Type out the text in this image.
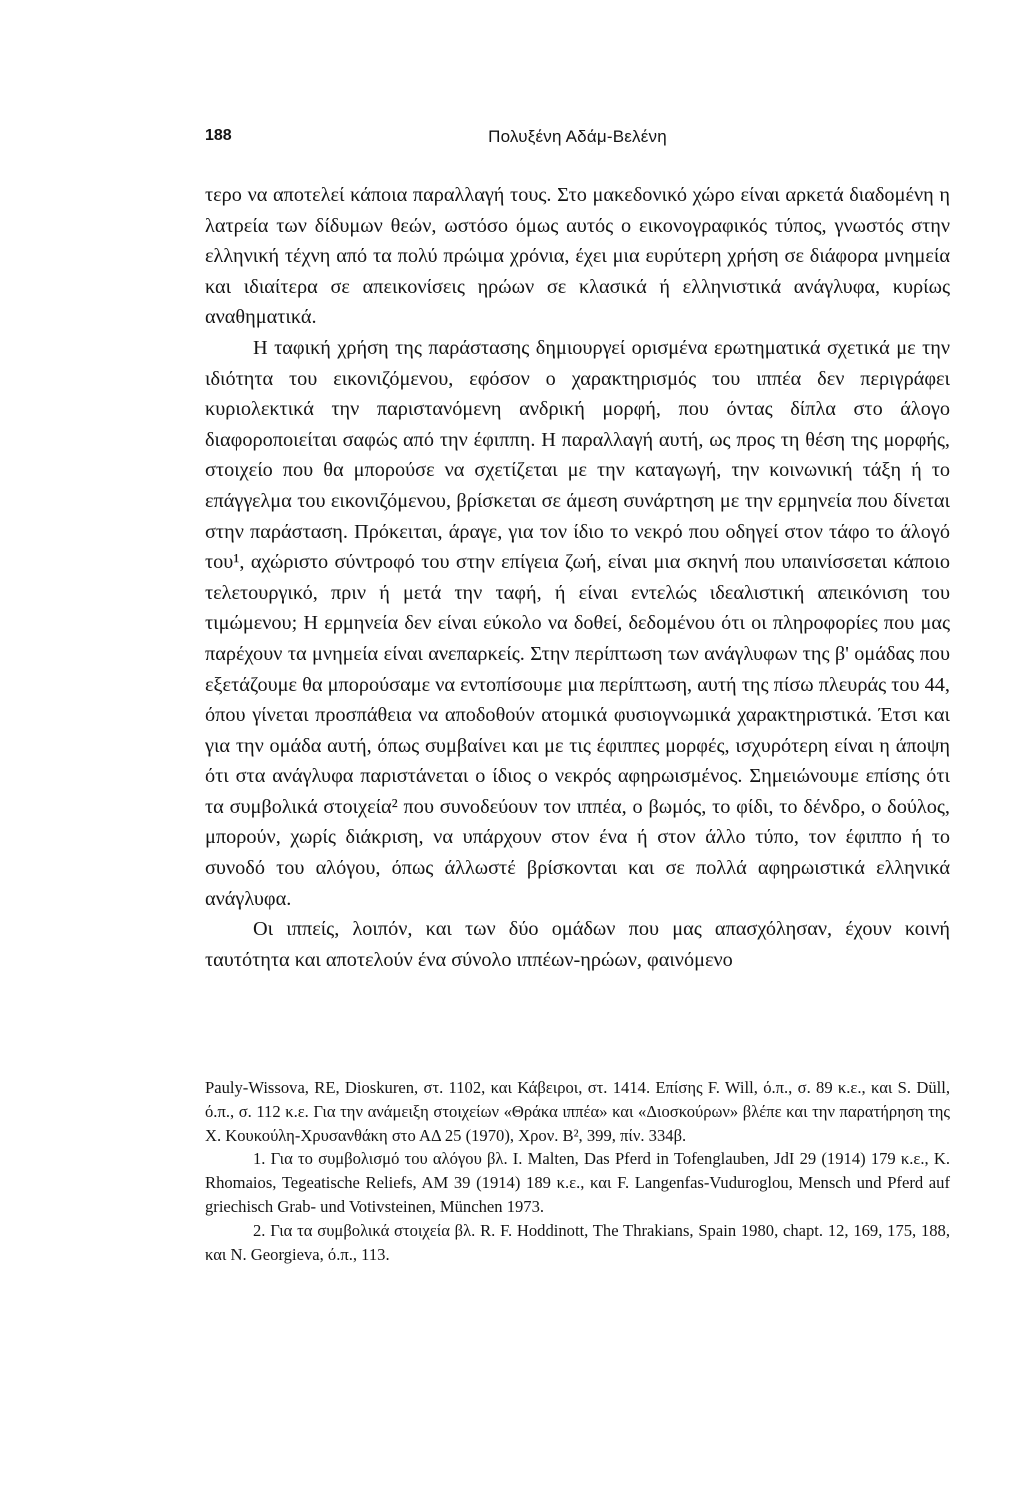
188	Πολυξένη Αδάμ-Βελένη

τερο να αποτελεί κάποια παραλλαγή τους. Στο μακεδονικό χώρο είναι αρκετά διαδομένη η λατρεία των δίδυμων θεών, ωστόσο όμως αυτός ο εικονογραφικός τύπος, γνωστός στην ελληνική τέχνη από τα πολύ πρώιμα χρόνια, έχει μια ευρύτερη χρήση σε διάφορα μνημεία και ιδιαίτερα σε απεικονίσεις ηρώων σε κλασικά ή ελληνιστικά ανάγλυφα, κυρίως αναθηματικά.

Η ταφική χρήση της παράστασης δημιουργεί ορισμένα ερωτηματικά σχετικά με την ιδιότητα του εικονιζόμενου, εφόσον ο χαρακτηρισμός του ιππέα δεν περιγράφει κυριολεκτικά την παριστανόμενη ανδρική μορφή, που όντας δίπλα στο άλογο διαφοροποιείται σαφώς από την έφιππη. Η παραλλαγή αυτή, ως προς τη θέση της μορφής, στοιχείο που θα μπορούσε να σχετίζεται με την καταγωγή, την κοινωνική τάξη ή το επάγγελμα του εικονιζόμενου, βρίσκεται σε άμεση συνάρτηση με την ερμηνεία που δίνεται στην παράσταση. Πρόκειται, άραγε, για τον ίδιο το νεκρό που οδηγεί στον τάφο το άλογό του¹, αχώριστο σύντροφό του στην επίγεια ζωή, είναι μια σκηνή που υπαινίσσεται κάποιο τελετουργικό, πριν ή μετά την ταφή, ή είναι εντελώς ιδεαλιστική απεικόνιση του τιμώμενου; Η ερμηνεία δεν είναι εύκολο να δοθεί, δεδομένου ότι οι πληροφορίες που μας παρέχουν τα μνημεία είναι ανεπαρκείς. Στην περίπτωση των ανάγλυφων της β' ομάδας που εξετάζουμε θα μπορούσαμε να εντοπίσουμε μια περίπτωση, αυτή της πίσω πλευράς του 44, όπου γίνεται προσπάθεια να αποδοθούν ατομικά φυσιογνωμικά χαρακτηριστικά. Έτσι και για την ομάδα αυτή, όπως συμβαίνει και με τις έφιππες μορφές, ισχυρότερη είναι η άποψη ότι στα ανάγλυφα παριστάνεται ο ίδιος ο νεκρός αφηρωισμένος. Σημειώνουμε επίσης ότι τα συμβολικά στοιχεία² που συνοδεύουν τον ιππέα, ο βωμός, το φίδι, το δένδρο, ο δούλος, μπορούν, χωρίς διάκριση, να υπάρχουν στον ένα ή στον άλλο τύπο, τον έφιππο ή το συνοδό του αλόγου, όπως άλλωστέ βρίσκονται και σε πολλά αφηρωιστικά ελληνικά ανάγλυφα.

Οι ιππείς, λοιπόν, και των δύο ομάδων που μας απασχόλησαν, έχουν κοινή ταυτότητα και αποτελούν ένα σύνολο ιππέων-ηρώων, φαινόμενο

Pauly-Wissova, RE, Dioskuren, στ. 1102, και Κάβειροι, στ. 1414. Επίσης F. Will, ό.π., σ. 89 κ.ε., και S. Düll, ό.π., σ. 112 κ.ε. Για την ανάμειξη στοιχείων «Θράκα ιππέα» και «Διοσκούρων» βλέπε και την παρατήρηση της Χ. Κουκούλη-Χρυσανθάκη στο ΑΔ 25 (1970), Χρον. Β², 399, πίν. 334β.

1. Για το συμβολισμό του αλόγου βλ. I. Malten, Das Pferd in Tofenglauben, JdI 29 (1914) 179 κ.ε., K. Rhomaios, Tegeatische Reliefs, AM 39 (1914) 189 κ.ε., και F. Langenfas-Vuduroglou, Mensch und Pferd auf griechisch Grab- und Votivsteinen, München 1973.

2. Για τα συμβολικά στοιχεία βλ. R. F. Hoddinott, The Thrakians, Spain 1980, chapt. 12, 169, 175, 188, και N. Georgieva, ό.π., 113.
